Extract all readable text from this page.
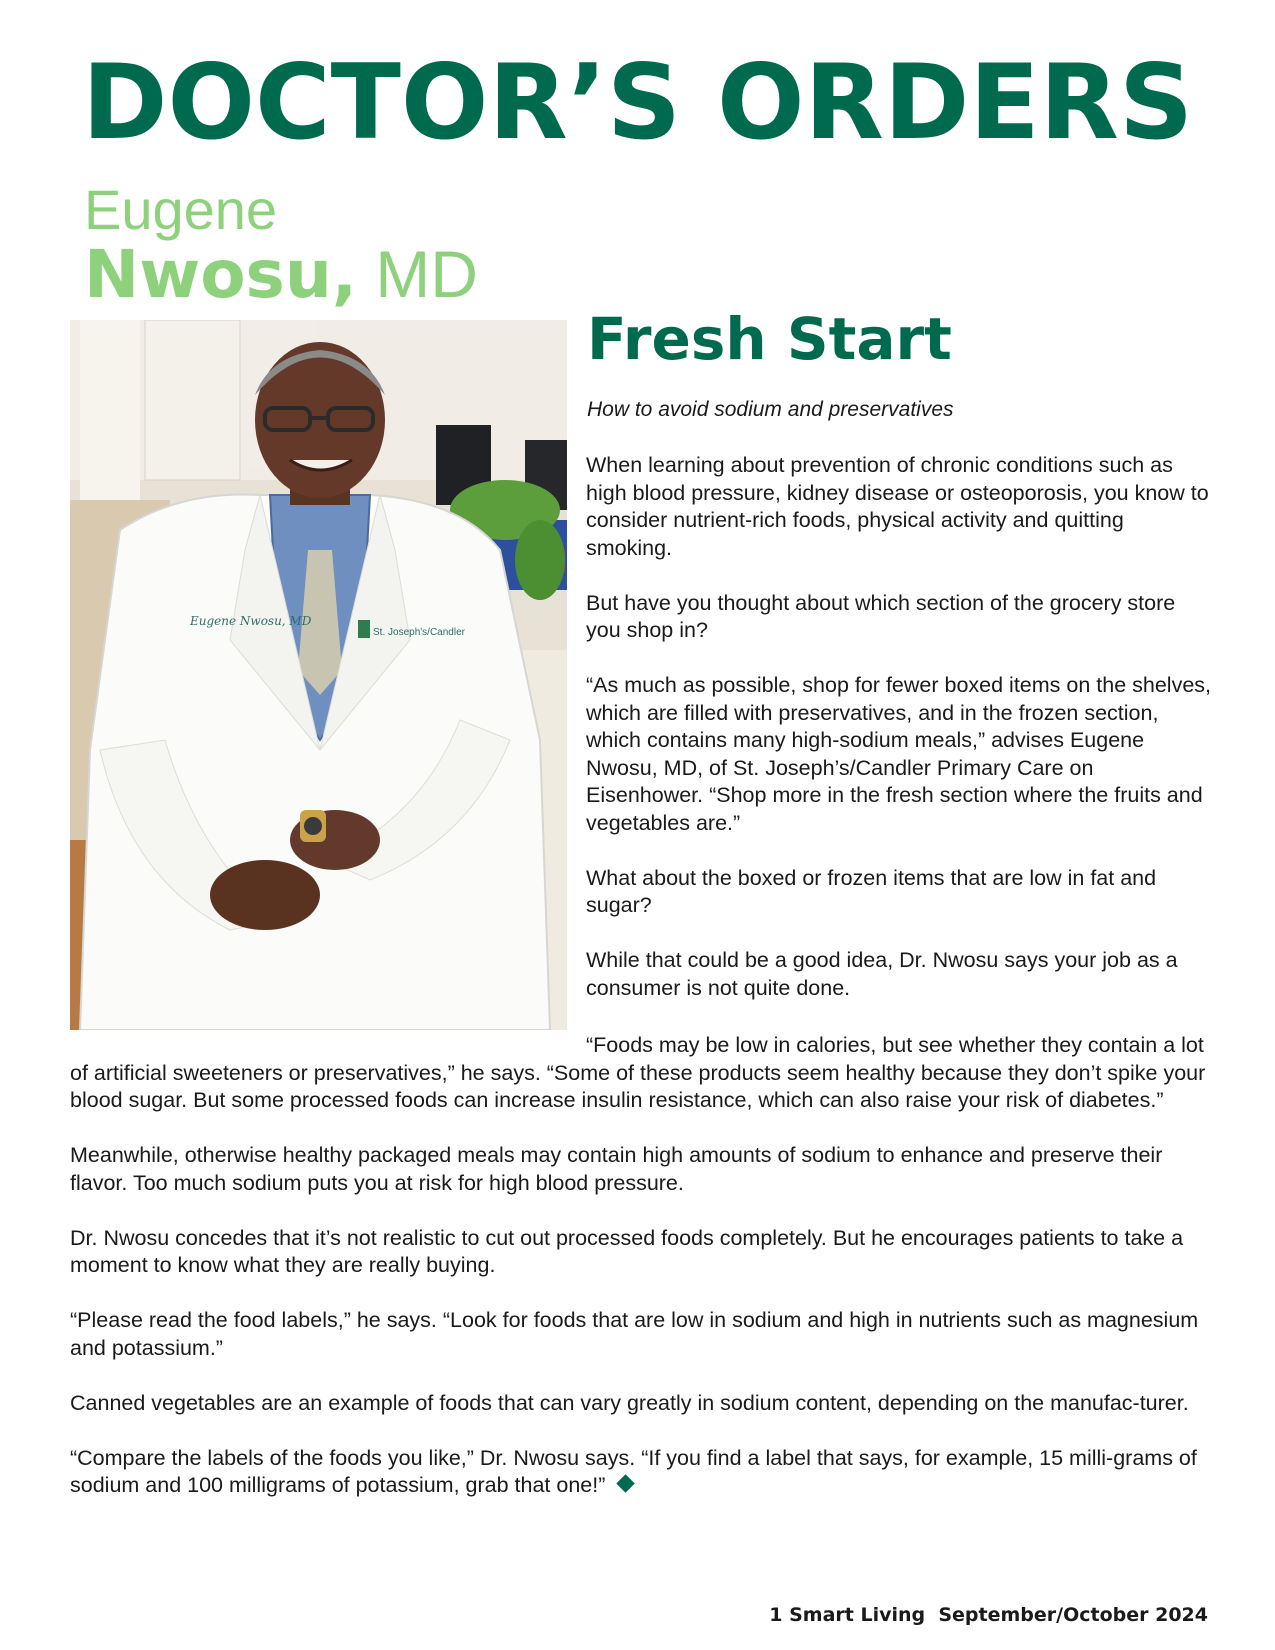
DOCTOR’S ORDERS
Eugene
Nwosu, MD
Eugene Nwosu, MD
St. Joseph's/Candler
Fresh Start

How to avoid sodium and preservatives

When learning about prevention of chronic conditions such as high blood pressure, kidney disease or osteoporosis, you know to consider nutrient-rich foods, physical activity and quitting smoking.

But have you thought about which section of the grocery store you shop in?

“As much as possible, shop for fewer boxed items on the shelves, which are filled with preservatives, and in the frozen section, which contains many high-sodium meals,” advises Eugene Nwosu, MD, of St. Joseph’s/Candler Primary Care on Eisenhower. “Shop more in the fresh section where the fruits and vegetables are.”

What about the boxed or frozen items that are low in fat and sugar?

While that could be a good idea, Dr. Nwosu says your job as a consumer is not quite done.

“Foods may be low in calories, but see whether they contain a lot of artificial sweeteners or preservatives,” he says. “Some of these products seem healthy because they don’t spike your blood sugar. But some processed foods can increase insulin resistance, which can also raise your risk of diabetes.”

Meanwhile, otherwise healthy packaged meals may contain high amounts of sodium to enhance and preserve their flavor. Too much sodium puts you at risk for high blood pressure.

Dr. Nwosu concedes that it’s not realistic to cut out processed foods completely. But he encourages patients to take a moment to know what they are really buying.

“Please read the food labels,” he says. “Look for foods that are low in sodium and high in nutrients such as magnesium and potassium.”

Canned vegetables are an example of foods that can vary greatly in sodium content, depending on the manufac-turer.

“Compare the labels of the foods you like,” Dr. Nwosu says. “If you find a label that says, for example, 15 milli-grams of sodium and 100 milligrams of potassium, grab that one!”

1 Smart Living  September/October 2024
